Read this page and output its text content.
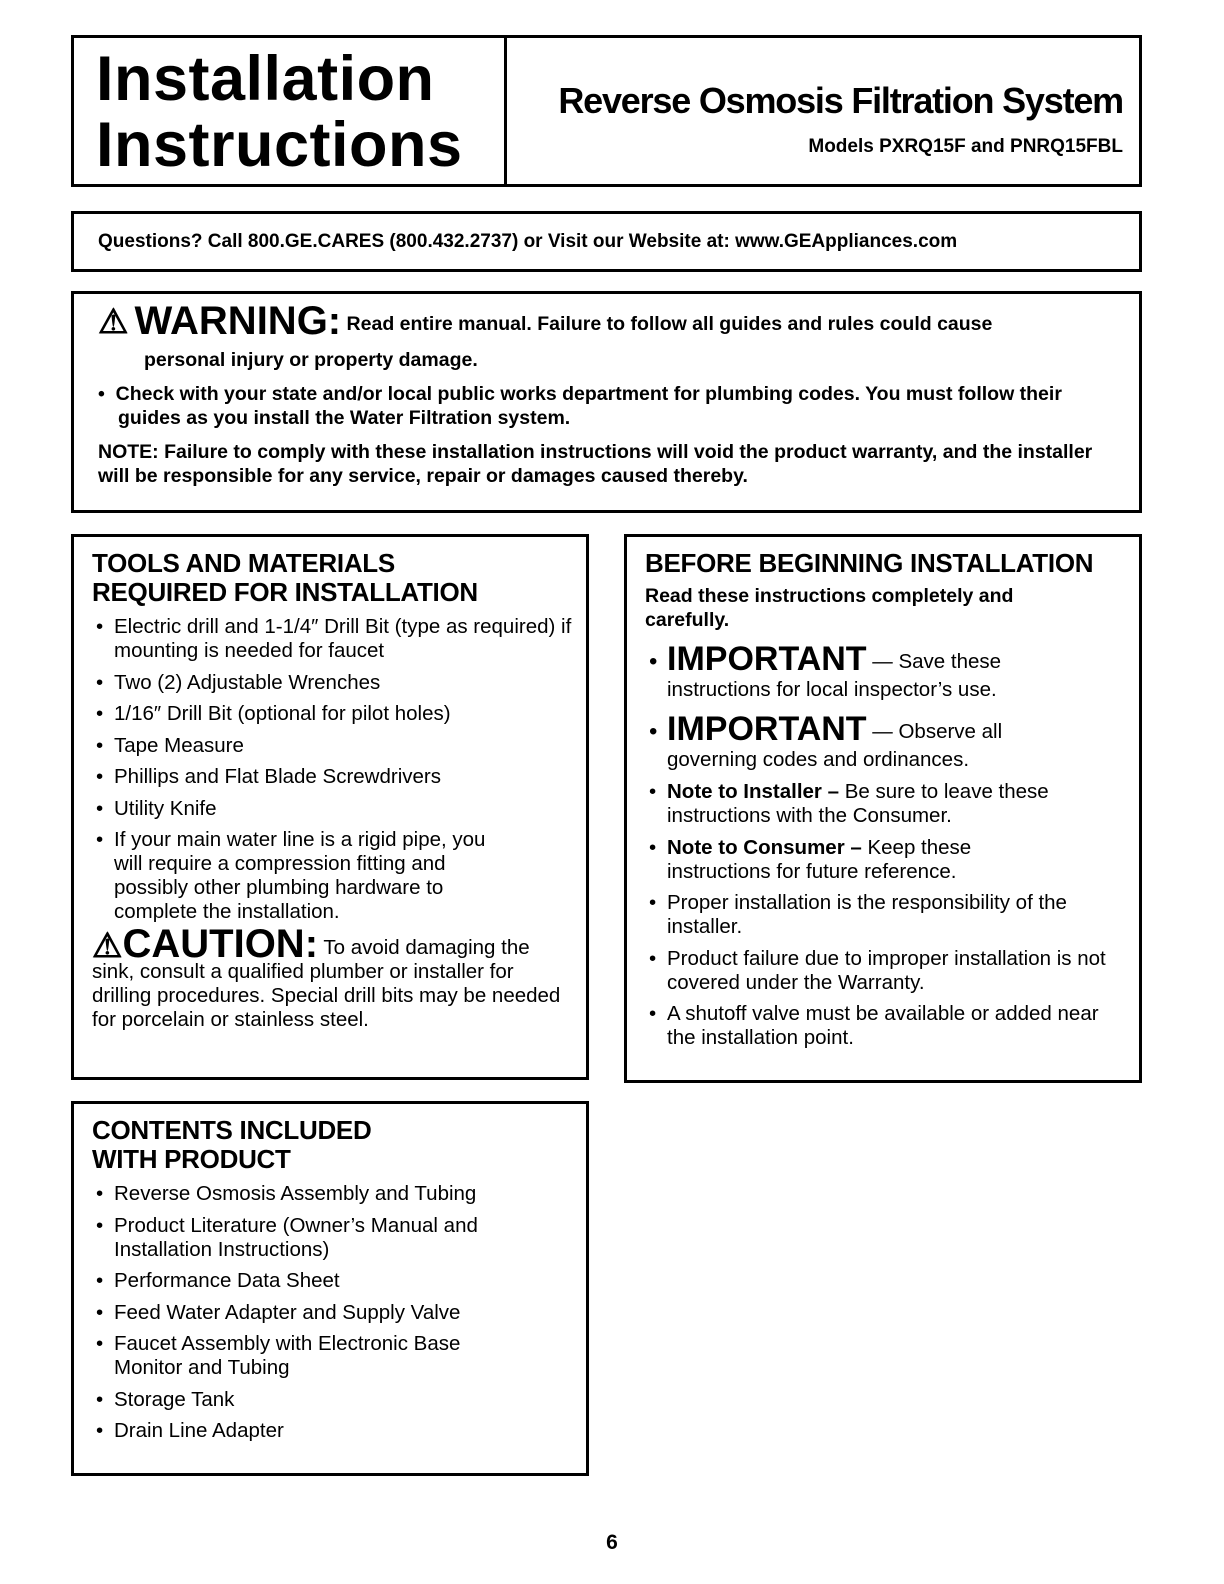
Installation
Instructions
Reverse Osmosis Filtration System
Models PXRQ15F and PNRQ15FBL
Questions? Call 800.GE.CARES (800.432.2737) or Visit our Website at: www.GEAppliances.com
⚠ WARNING: Read entire manual. Failure to follow all guides and rules could cause
personal injury or property damage.
•  Check with your state and/or local public works department for plumbing codes. You must follow their guides as you install the Water Filtration system.
NOTE: Failure to comply with these installation instructions will void the product warranty, and the installer will be responsible for any service, repair or damages caused thereby.
TOOLS AND MATERIALS
REQUIRED FOR INSTALLATION
• Electric drill and 1-1/4″ Drill Bit (type as required) if mounting is needed for faucet
• Two (2) Adjustable Wrenches
• 1/16″ Drill Bit (optional for pilot holes)
• Tape Measure
• Phillips and Flat Blade Screwdrivers
• Utility Knife
• If your main water line is a rigid pipe, you will require a compression fitting and possibly other plumbing hardware to complete the installation.
⚠CAUTION: To avoid damaging the sink, consult a qualified plumber or installer for drilling procedures. Special drill bits may be needed for porcelain or stainless steel.
BEFORE BEGINNING INSTALLATION
Read these instructions completely and carefully.
• IMPORTANT — Save these
instructions for local inspector’s use.
• IMPORTANT — Observe all
governing codes and ordinances.
• Note to Installer – Be sure to leave these instructions with the Consumer.
• Note to Consumer – Keep these instructions for future reference.
• Proper installation is the responsibility of the installer.
• Product failure due to improper installation is not covered under the Warranty.
• A shutoff valve must be available or added near the installation point.
CONTENTS INCLUDED
WITH PRODUCT
• Reverse Osmosis Assembly and Tubing
• Product Literature (Owner’s Manual and Installation Instructions)
• Performance Data Sheet
• Feed Water Adapter and Supply Valve
• Faucet Assembly with Electronic Base Monitor and Tubing
• Storage Tank
• Drain Line Adapter
6
